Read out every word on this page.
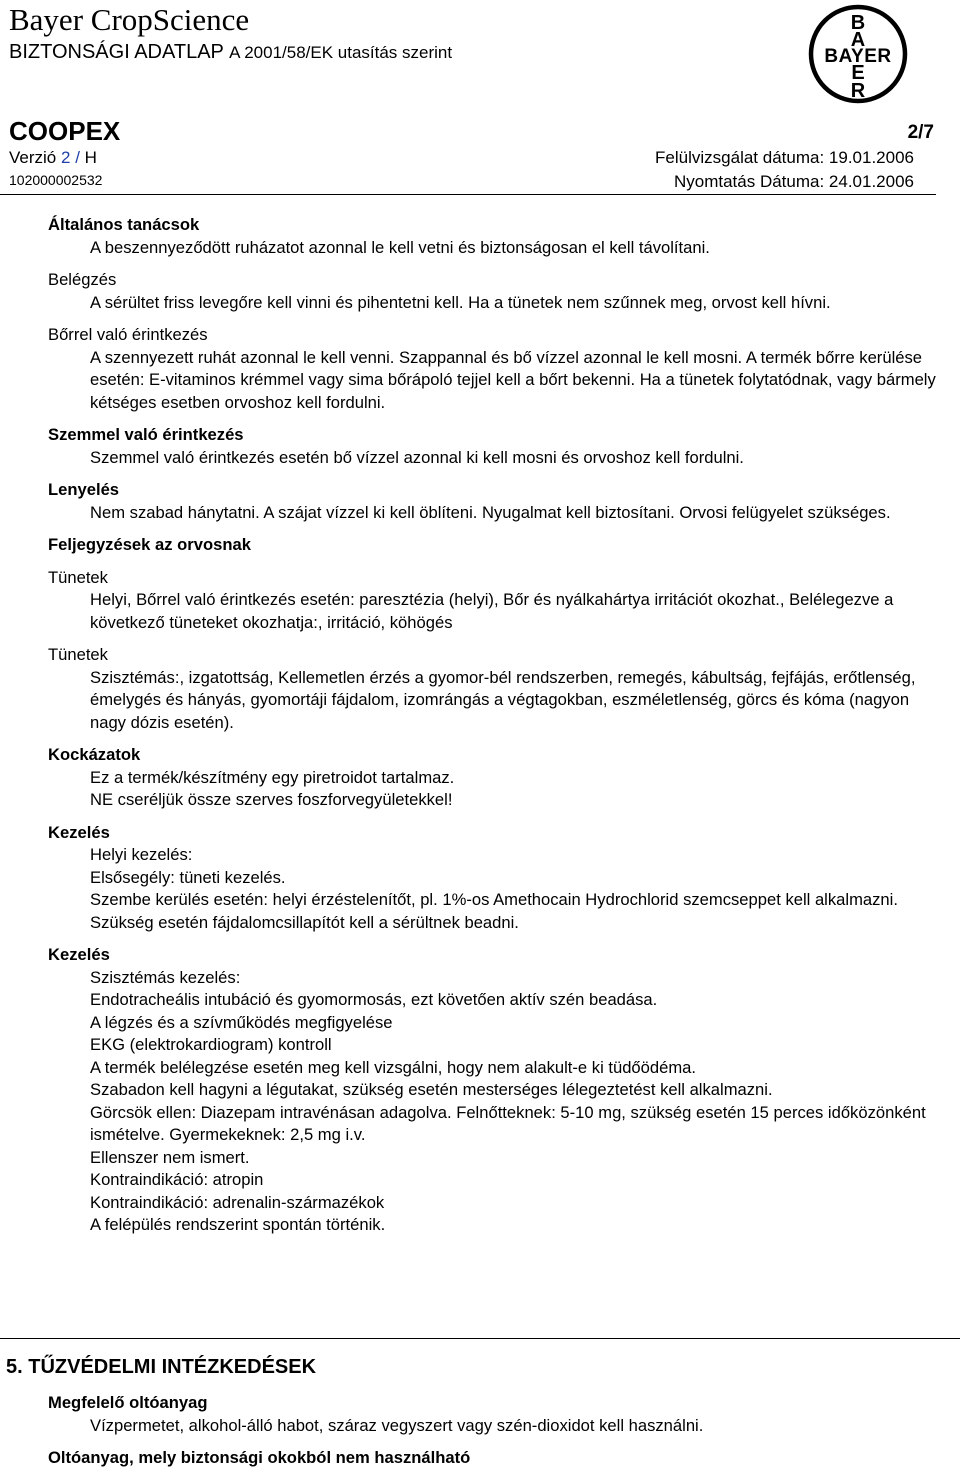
Bayer CropScience
BIZTONSÁGI ADATLAP A 2001/58/EK utasítás szerint
B
A
BAYER
E
R
COOPEX	2/7
Verzió 2 / H
102000002532
Felülvizsgálat dátuma: 19.01.2006
Nyomtatás Dátuma: 24.01.2006
Általános tanácsok

A beszennyeződött ruházatot azonnal le kell vetni és biztonságosan el kell távolítani.

Belégzés

A sérültet friss levegőre kell vinni és pihentetni kell. Ha a tünetek nem szűnnek meg, orvost kell hívni.

Bőrrel való érintkezés

A szennyezett ruhát azonnal le kell venni. Szappannal és bő vízzel azonnal le kell mosni. A termék bőrre kerülése esetén: E-vitaminos krémmel vagy sima bőrápoló tejjel kell a bőrt bekenni. Ha a tünetek folytatódnak, vagy bármely kétséges esetben orvoshoz kell fordulni.

Szemmel való érintkezés

Szemmel való érintkezés esetén bő vízzel azonnal ki kell mosni és orvoshoz kell fordulni.

Lenyelés

Nem szabad hánytatni. A szájat vízzel ki kell öblíteni. Nyugalmat kell biztosítani. Orvosi felügyelet szükséges.

Feljegyzések az orvosnak
Tünetek

Helyi, Bőrrel való érintkezés esetén: paresztézia (helyi), Bőr és nyálkahártya irritációt okozhat., Belélegezve a következő tüneteket okozhatja:, irritáció, köhögés

Tünetek

Szisztémás:, izgatottság, Kellemetlen érzés a gyomor-bél rendszerben, remegés, kábultság, fejfájás, erőtlenség, émelygés és hányás, gyomortáji fájdalom, izomrángás a végtagokban, eszméletlenség, görcs és kóma (nagyon nagy dózis esetén).

Kockázatok

Ez a termék/készítmény egy piretroidot tartalmaz.

NE cseréljük össze szerves foszforvegyületekkel!

Kezelés

Helyi kezelés:

Elsősegély: tüneti kezelés.

Szembe kerülés esetén: helyi érzéstelenítőt, pl. 1%-os Amethocain Hydrochlorid szemcseppet kell alkalmazni. Szükség esetén fájdalomcsillapítót kell a sérültnek beadni.

Kezelés

Szisztémás kezelés:

Endotracheális intubáció és gyomormosás, ezt követően aktív szén beadása.

A légzés és a szívműködés megfigyelése

EKG (elektrokardiogram) kontroll

A termék belélegzése esetén meg kell vizsgálni, hogy nem alakult-e ki tüdőödéma.

Szabadon kell hagyni a légutakat, szükség esetén mesterséges lélegeztetést kell alkalmazni.

Görcsök ellen: Diazepam intravénásan adagolva. Felnőtteknek: 5-10 mg, szükség esetén 15 perces időközönként ismételve. Gyermekeknek: 2,5 mg i.v.

Ellenszer nem ismert.

Kontraindikáció: atropin

Kontraindikáció: adrenalin-származékok

A felépülés rendszerint spontán történik.

5. TŰZVÉDELMI INTÉZKEDÉSEK
Megfelelő oltóanyag

Vízpermetet, alkohol-álló habot, száraz vegyszert vagy szén-dioxidot kell használni.

Oltóanyag, mely biztonsági okokból nem használható
